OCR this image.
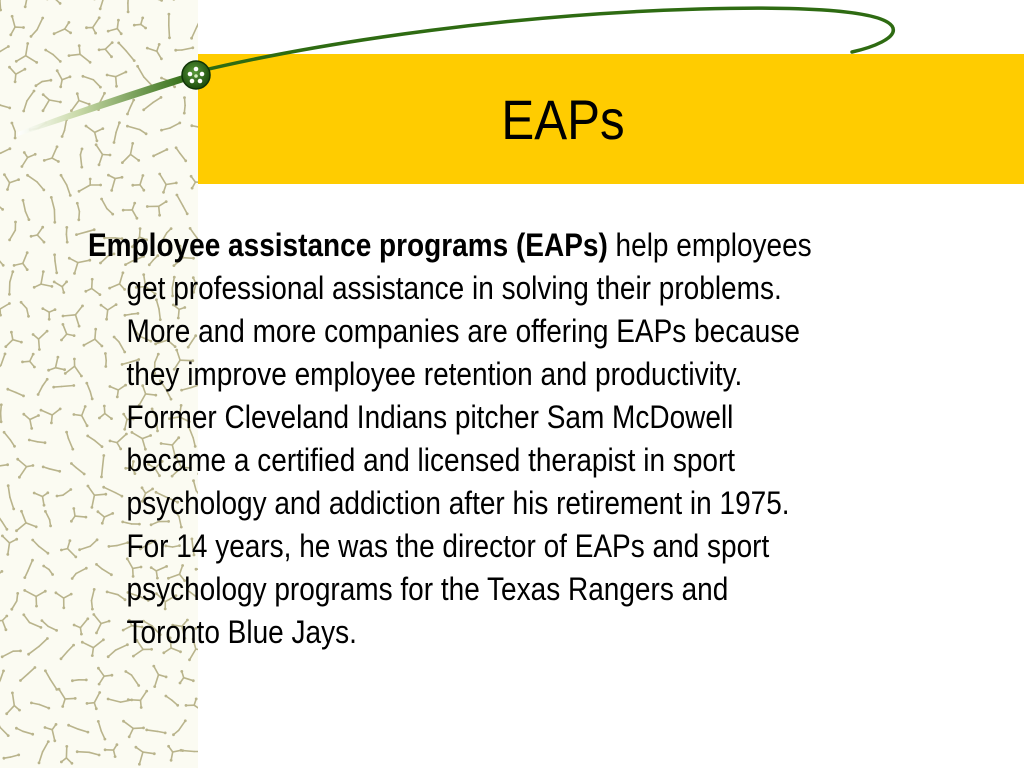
EAPs

Employee assistance programs (EAPs) help employees
get professional assistance in solving their problems.
More and more companies are offering EAPs because
they improve employee retention and productivity.
Former Cleveland Indians pitcher Sam McDowell
became a certified and licensed therapist in sport
psychology and addiction after his retirement in 1975.
For 14 years, he was the director of EAPs and sport
psychology programs for the Texas Rangers and
Toronto Blue Jays.
